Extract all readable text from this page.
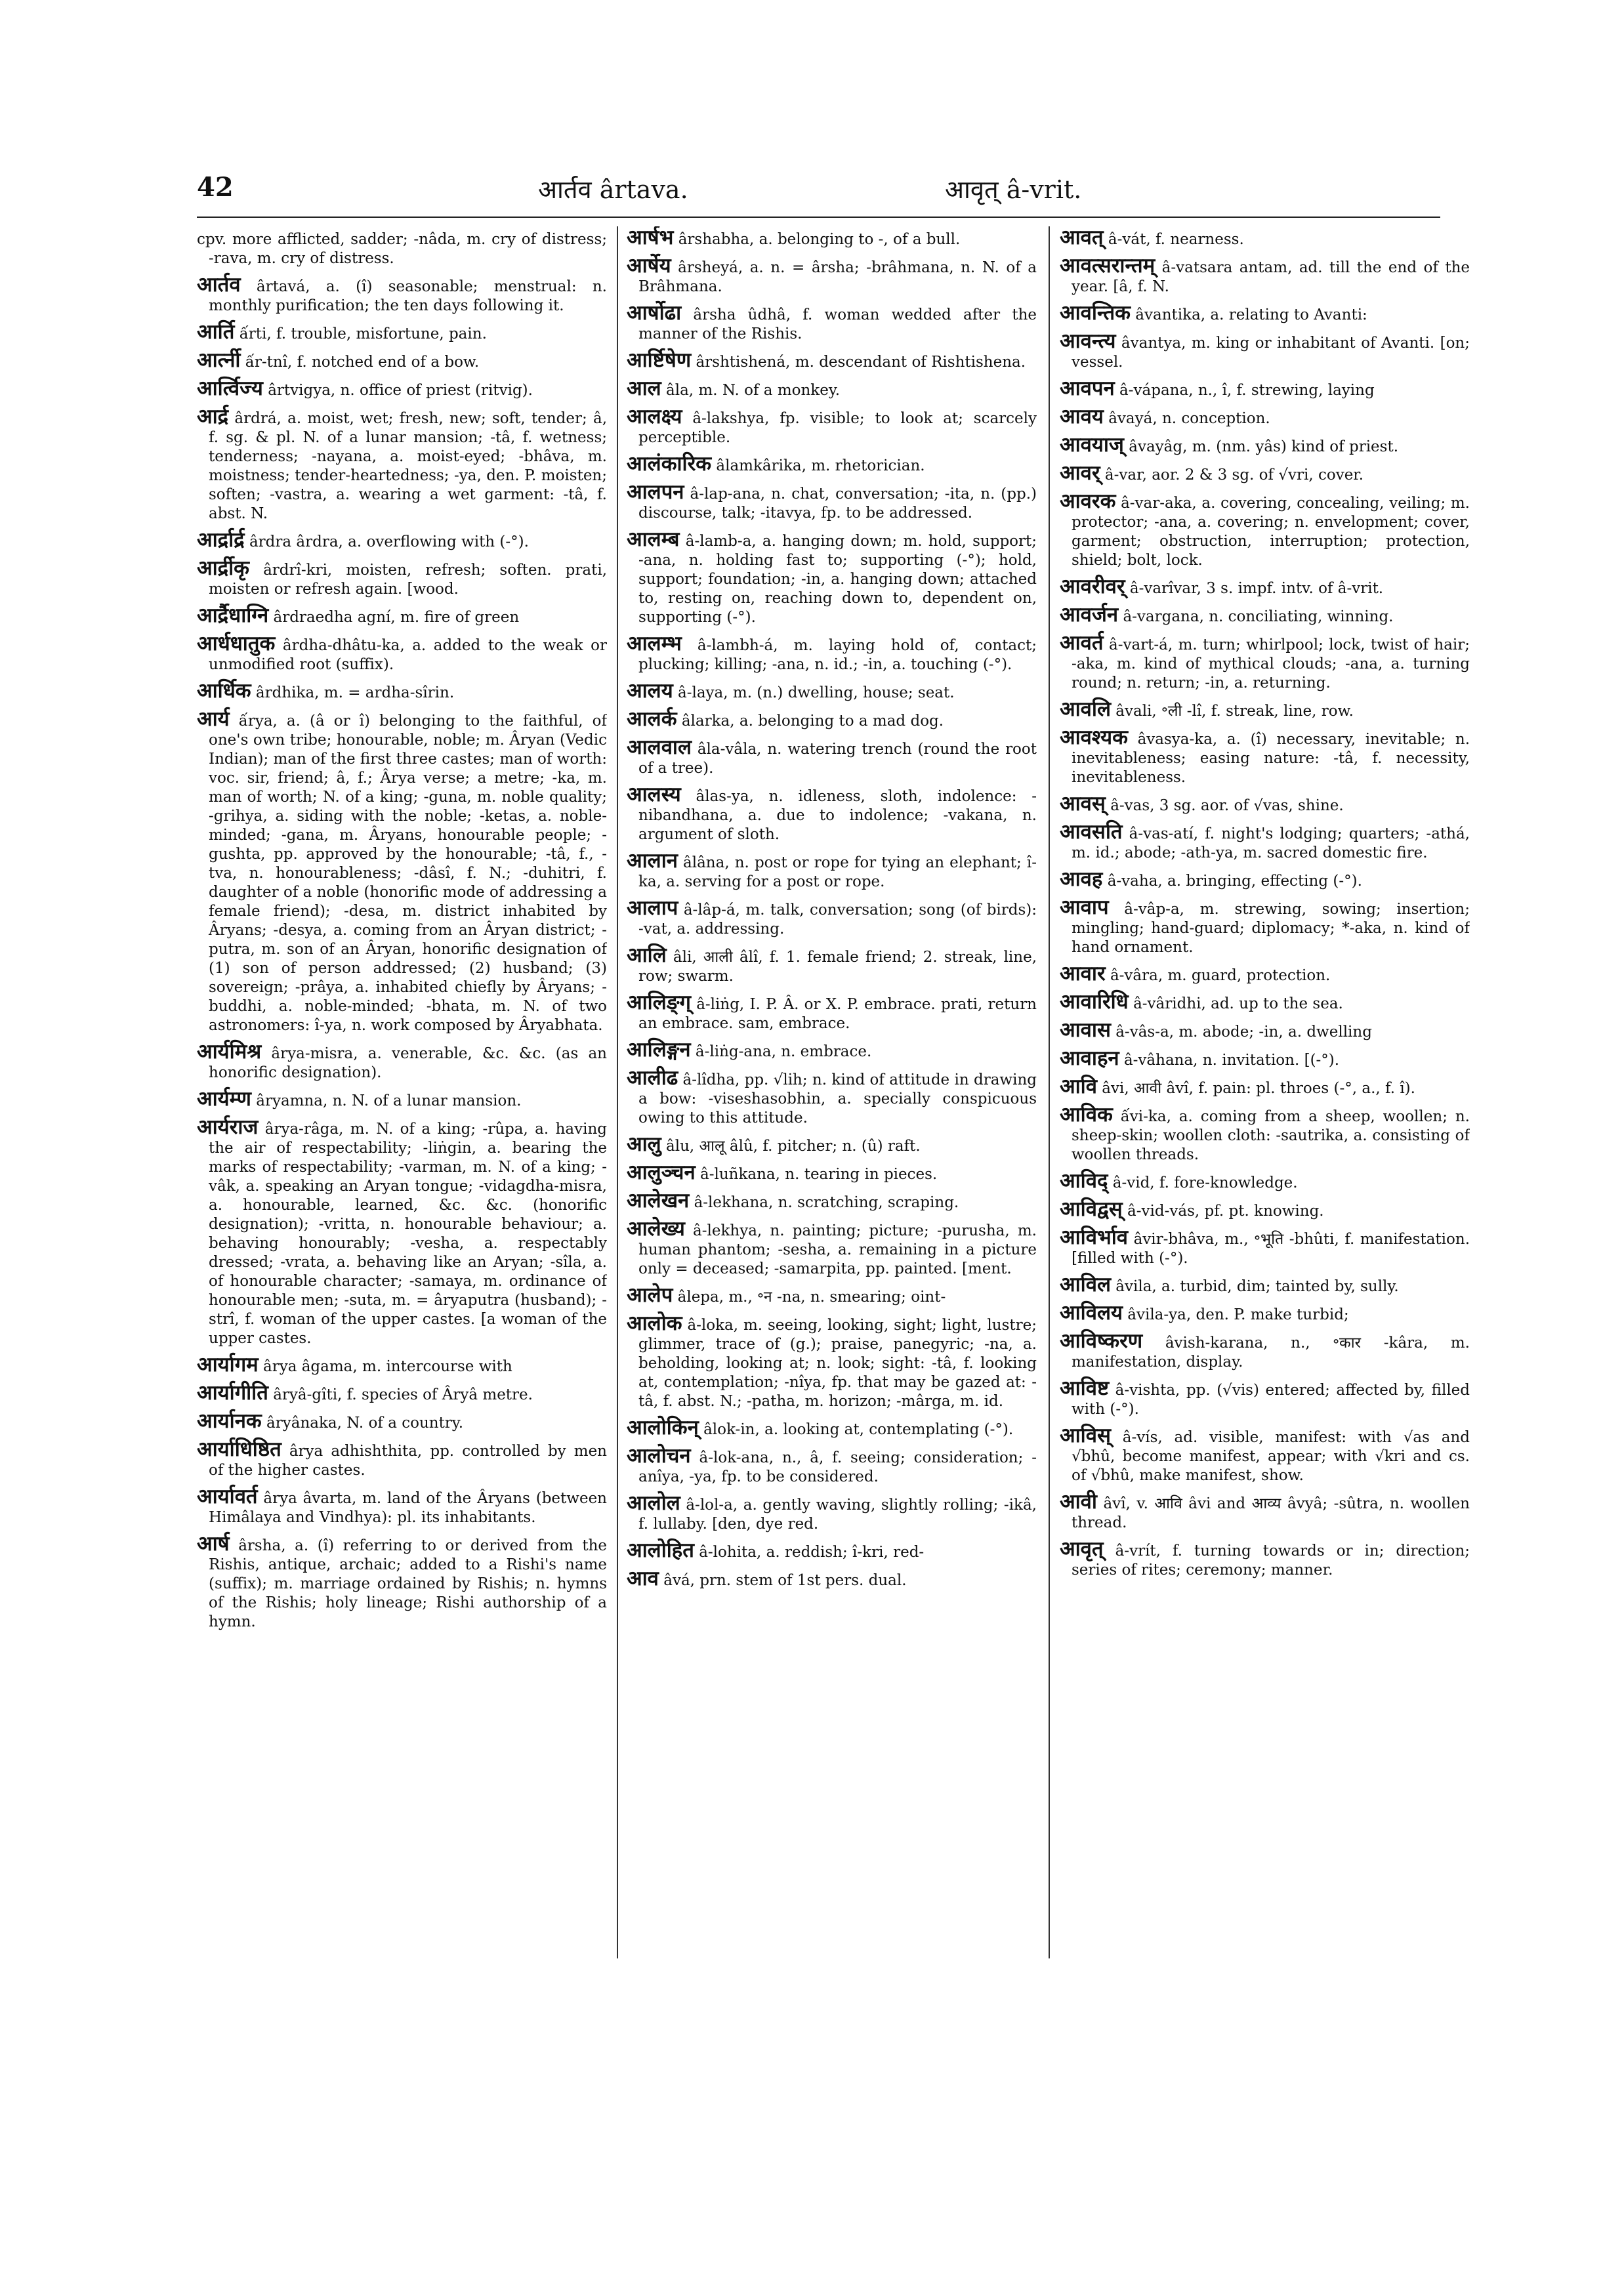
42	आर्तव ârtava.	आवृत् â-vrit.

cpv. more afflicted, sadder; -nâda, m. cry of distress; -rava, m. cry of distress.

आर्तव ârtavá, a. (î) seasonable; menstrual: n. monthly purification; the ten days following it.

आर्ति ấrti, f. trouble, misfortune, pain.

आर्त्नी ấr-tnî, f. notched end of a bow.

आर्त्विज्य ârtvigya, n. office of priest (ritvig).

आर्द्र ârdrá, a. moist, wet; fresh, new; soft, tender; â, f. sg. & pl. N. of a lunar mansion; -tâ, f. wetness; tenderness; -nayana, a. moist-eyed; -bhâva, m. moistness; tender-heartedness; -ya, den. P. moisten; soften; -vastra, a. wearing a wet garment: -tâ, f. abst. N.

आर्द्रार्द्र ârdra ârdra, a. overflowing with (-°).

आर्द्रीकृ ârdrî-kri, moisten, refresh; soften. prati, moisten or refresh again. [wood.

आर्द्रैधाग्नि ârdraedha agní, m. fire of green

आर्धधातुक ârdha-dhâtu-ka, a. added to the weak or unmodified root (suffix).

आर्धिक ârdhika, m. = ardha-sîrin.

आर्य ấrya, a. (â or î) belonging to the faithful, of one's own tribe; honourable, noble; m. Âryan (Vedic Indian); man of the first three castes; man of worth: voc. sir, friend; â, f.; Ârya verse; a metre; -ka, m. man of worth; N. of a king; -guna, m. noble quality; -grihya, a. siding with the noble; -ketas, a. noble-minded; -gana, m. Âryans, honourable people; -gushta, pp. approved by the honourable; -tâ, f., -tva, n. honourableness; -dâsî, f. N.; -duhitri, f. daughter of a noble (honorific mode of addressing a female friend); -desa, m. district inhabited by Âryans; -desya, a. coming from an Âryan district; -putra, m. son of an Âryan, honorific designation of (1) son of person addressed; (2) husband; (3) sovereign; -prâya, a. inhabited chiefly by Âryans; -buddhi, a. noble-minded; -bhata, m. N. of two astronomers: î-ya, n. work composed by Âryabhata.

आर्यमिश्र ârya-misra, a. venerable, &c. &c. (as an honorific designation).

आर्यम्ण âryamna, n. N. of a lunar mansion.

आर्यराज ârya-râga, m. N. of a king; -rûpa, a. having the air of respectability; -liṅgin, a. bearing the marks of respectability; -varman, m. N. of a king; -vâk, a. speaking an Aryan tongue; -vidagdha-misra, a. honourable, learned, &c. &c. (honorific designation); -vritta, n. honourable behaviour; a. behaving honourably; -vesha, a. respectably dressed; -vrata, a. behaving like an Aryan; -sîla, a. of honourable character; -samaya, m. ordinance of honourable men; -suta, m. = âryaputra (husband); -strî, f. woman of the upper castes. [a woman of the upper castes.

आर्यागम ârya âgama, m. intercourse with

आर्यागीति âryâ-gîti, f. species of Âryâ metre.

आर्यानक âryânaka, N. of a country.

आर्याधिष्ठित ârya adhishthita, pp. controlled by men of the higher castes.

आर्यावर्त ârya âvarta, m. land of the Âryans (between Himâlaya and Vindhya): pl. its inhabitants.

आर्ष ârsha, a. (î) referring to or derived from the Rishis, antique, archaic; added to a Rishi's name (suffix); m. marriage ordained by Rishis; n. hymns of the Rishis; holy lineage; Rishi authorship of a hymn.

आर्षभ ârshabha, a. belonging to -, of a bull.

आर्षेय ârsheyá, a. n. = ârsha; -brâhmana, n. N. of a Brâhmana.

आर्षोढा ârsha ûdhâ, f. woman wedded after the manner of the Rishis.

आर्ष्टिषेण ârshtishená, m. descendant of Rishtishena.

आल âla, m. N. of a monkey.

आलक्ष्य â-lakshya, fp. visible; to look at; scarcely perceptible.

आलंकारिक âlamkârika, m. rhetorician.

आलपन â-lap-ana, n. chat, conversation; -ita, n. (pp.) discourse, talk; -itavya, fp. to be addressed.

आलम्ब â-lamb-a, a. hanging down; m. hold, support; -ana, n. holding fast to; supporting (-°); hold, support; foundation; -in, a. hanging down; attached to, resting on, reaching down to, dependent on, supporting (-°).

आलम्भ â-lambh-á, m. laying hold of, contact; plucking; killing; -ana, n. id.; -in, a. touching (-°).

आलय â-laya, m. (n.) dwelling, house; seat.

आलर्क âlarka, a. belonging to a mad dog.

आलवाल âla-vâla, n. watering trench (round the root of a tree).

आलस्य âlas-ya, n. idleness, sloth, indolence: -nibandhana, a. due to indolence; -vakana, n. argument of sloth.

आलान âlâna, n. post or rope for tying an elephant; î-ka, a. serving for a post or rope.

आलाप â-lâp-á, m. talk, conversation; song (of birds): -vat, a. addressing.

आलि âli, आली âlî, f. 1. female friend; 2. streak, line, row; swarm.

आलिङ्ग् â-liṅg, I. P. Â. or X. P. embrace. prati, return an embrace. sam, embrace.

आलिङ्गन â-liṅg-ana, n. embrace.

आलीढ â-lîdha, pp. √lih; n. kind of attitude in drawing a bow: -viseshasobhin, a. specially conspicuous owing to this attitude.

आलु âlu, आलू âlû, f. pitcher; n. (û) raft.

आलुञ्चन â-luñkana, n. tearing in pieces.

आलेखन â-lekhana, n. scratching, scraping.

आलेख्य â-lekhya, n. painting; picture; -purusha, m. human phantom; -sesha, a. remaining in a picture only = deceased; -samarpita, pp. painted. [ment.

आलेप âlepa, m., ॰न -na, n. smearing; oint-

आलोक â-loka, m. seeing, looking, sight; light, lustre; glimmer, trace of (g.); praise, panegyric; -na, a. beholding, looking at; n. look; sight: -tâ, f. looking at, contemplation; -nîya, fp. that may be gazed at: -tâ, f. abst. N.; -patha, m. horizon; -mârga, m. id.

आलोकिन् âlok-in, a. looking at, contemplating (-°).

आलोचन â-lok-ana, n., â, f. seeing; consideration; -anîya, -ya, fp. to be considered.

आलोल â-lol-a, a. gently waving, slightly rolling; -ikâ, f. lullaby. [den, dye red.

आलोहित â-lohita, a. reddish; î-kri, red-

आव âvá, prn. stem of 1st pers. dual.

आवत् â-vát, f. nearness.

आवत्सरान्तम् â-vatsara antam, ad. till the end of the year. [â, f. N.

आवन्तिक âvantika, a. relating to Avanti:

आवन्त्य âvantya, m. king or inhabitant of Avanti. [on; vessel.

आवपन â-vápana, n., î, f. strewing, laying

आवय âvayá, n. conception.

आवयाज् âvayâg, m. (nm. yâs) kind of priest.

आवर् â-var, aor. 2 & 3 sg. of √vri, cover.

आवरक â-var-aka, a. covering, concealing, veiling; m. protector; -ana, a. covering; n. envelopment; cover, garment; obstruction, interruption; protection, shield; bolt, lock.

आवरीवर् â-varîvar, 3 s. impf. intv. of â-vrit.

आवर्जन â-vargana, n. conciliating, winning.

आवर्त â-vart-á, m. turn; whirlpool; lock, twist of hair; -aka, m. kind of mythical clouds; -ana, a. turning round; n. return; -in, a. returning.

आवलि âvali, ॰ली -lî, f. streak, line, row.

आवश्यक âvasya-ka, a. (î) necessary, inevitable; n. inevitableness; easing nature: -tâ, f. necessity, inevitableness.

आवस् â-vas, 3 sg. aor. of √vas, shine.

आवसति â-vas-atí, f. night's lodging; quarters; -athá, m. id.; abode; -ath-ya, m. sacred domestic fire.

आवह â-vaha, a. bringing, effecting (-°).

आवाप â-vâp-a, m. strewing, sowing; insertion; mingling; hand-guard; diplomacy; *-aka, n. kind of hand ornament.

आवार â-vâra, m. guard, protection.

आवारिधि â-vâridhi, ad. up to the sea.

आवास â-vâs-a, m. abode; -in, a. dwelling

आवाहन â-vâhana, n. invitation. [(-°).

आवि âvi, आवी âvî, f. pain: pl. throes (-°, a., f. î).

आविक ấvi-ka, a. coming from a sheep, woollen; n. sheep-skin; woollen cloth: -sautrika, a. consisting of woollen threads.

आविद् â-vid, f. fore-knowledge.

आविद्वस् â-vid-vás, pf. pt. knowing.

आविर्भाव âvir-bhâva, m., ॰भूति -bhûti, f. manifestation. [filled with (-°).

आविल âvila, a. turbid, dim; tainted by, sully.

आविलय âvila-ya, den. P. make turbid;

आविष्करण âvish-karana, n., ॰कार -kâra, m. manifestation, display.

आविष्ट â-vishta, pp. (√vis) entered; affected by, filled with (-°).

आविस् â-vís, ad. visible, manifest: with √as and √bhû, become manifest, appear; with √kri and cs. of √bhû, make manifest, show.

आवी âvî, v. आवि âvi and आव्य âvyâ; -sûtra, n. woollen thread.

आवृत् â-vrít, f. turning towards or in; direction; series of rites; ceremony; manner.
